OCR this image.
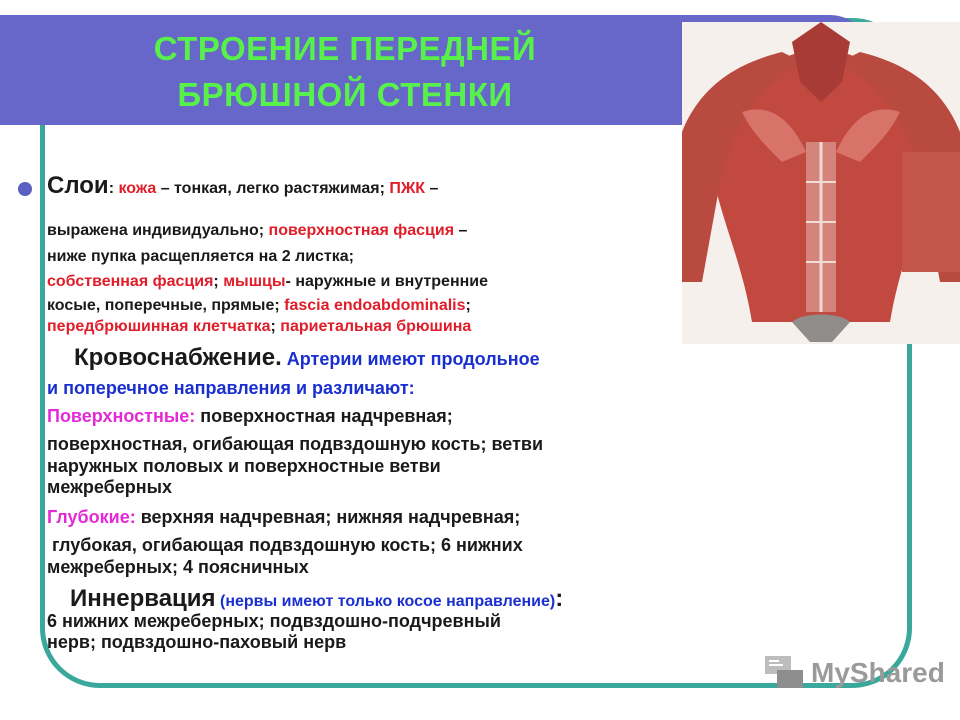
СТРОЕНИЕ ПЕРЕДНЕЙ
БРЮШНОЙ СТЕНКИ
Слои: кожа – тонкая, легко растяжимая; ПЖК –
выражена индивидуально; поверхностная фасция –
ниже пупка расщепляется на 2 листка;
собственная фасция; мышцы- наружные и внутренние
косые, поперечные, прямые; fascia endoabdominalis;
передбрюшинная клетчатка; париетальная брюшина
Кровоснабжение. Артерии имеют продольное
и поперечное направления и различают:
Поверхностные: поверхностная надчревная;
поверхностная, огибающая подвздошную кость; ветви
наружных половых и поверхностные ветви
межреберных
Глубокие: верхняя надчревная; нижняя надчревная;
глубокая, огибающая подвздошную кость; 6 нижних
межреберных; 4 поясничных
Иннервация (нервы имеют только косое направление):
6 нижних межреберных; подвздошно-подчревный
нерв; подвздошно-паховый нерв
MyShared
